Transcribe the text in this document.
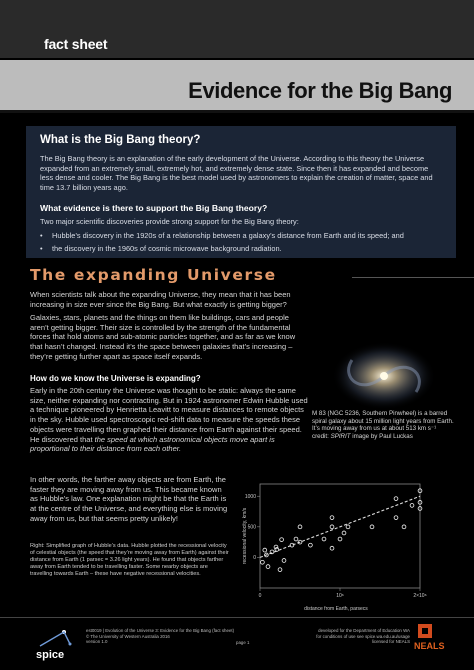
fact sheet
Evidence for the Big Bang
What is the Big Bang theory?
The Big Bang theory is an explanation of the early development of the Universe. According to this theory the Universe expanded from an extremely small, extremely hot, and extremely dense state. Since then it has expanded and become less dense and cooler. The Big Bang is the best model used by astronomers to explain the creation of matter, space and time 13.7 billion years ago.
What evidence is there to support the Big Bang theory?
Two major scientific discoveries provide strong support for the Big Bang theory:
• Hubble’s discovery in the 1920s of a relationship between a galaxy’s distance from Earth and its speed; and
• the discovery in the 1960s of cosmic microwave background radiation.
The expanding Universe
When scientists talk about the expanding Universe, they mean that it has been increasing in size ever since the Big Bang. But what exactly is getting bigger?
Galaxies, stars, planets and the things on them like buildings, cars and people aren’t getting bigger. Their size is controlled by the strength of the fundamental forces that hold atoms and sub-atomic particles together, and as far as we know that hasn’t changed. Instead it’s the space between galaxies that’s increasing – they’re getting further apart as space itself expands.
How do we know the Universe is expanding?
Early in the 20th century the Universe was thought to be static: always the same size, neither expanding nor contracting. But in 1924 astronomer Edwin Hubble used a technique pioneered by Henrietta Leavitt to measure distances to remote objects in the sky. Hubble used spectroscopic red-shift data to measure the speeds these objects were travelling then graphed their distance from Earth against their speed. He discovered that the speed at which astronomical objects move apart is proportional to their distance from each other.
In other words, the farther away objects are from Earth, the faster they are moving away from us. This became known as Hubble’s law. One explanation might be that the Earth is at the centre of the Universe, and everything else is moving away from us, but that seems pretty unlikely!
M 83 (NGC 5236, Southern Pinwheel) is a barred spiral galaxy about 15 million light years from Earth. It’s moving away from us at about 513 km s⁻¹
credit: SPIRIT image by Paul Luckas
Right: Simplified graph of Hubble’s data. Hubble plotted the recessional velocity of celestial objects (the speed that they’re moving away from Earth) against their distance from Earth (1 parsec = 3.26 light years). He found that objects farther away from Earth tended to be travelling faster. Some nearby objects are travelling towards Earth – these have negative recessional velocities.
0	10⁶	2×10⁶
1000
500
0
distance from Earth, parsecs
recessional velocity, km/s
spice
est0019 | Evolution of the Universe 3: Evidence for the Big Bang (fact sheet)
© The University of Western Australia 2016
version 1.0	page 1
developed for the Department of Education WA
for conditions of use see spice.wa.edu.au/usage
licensed for NEALS NEALS
